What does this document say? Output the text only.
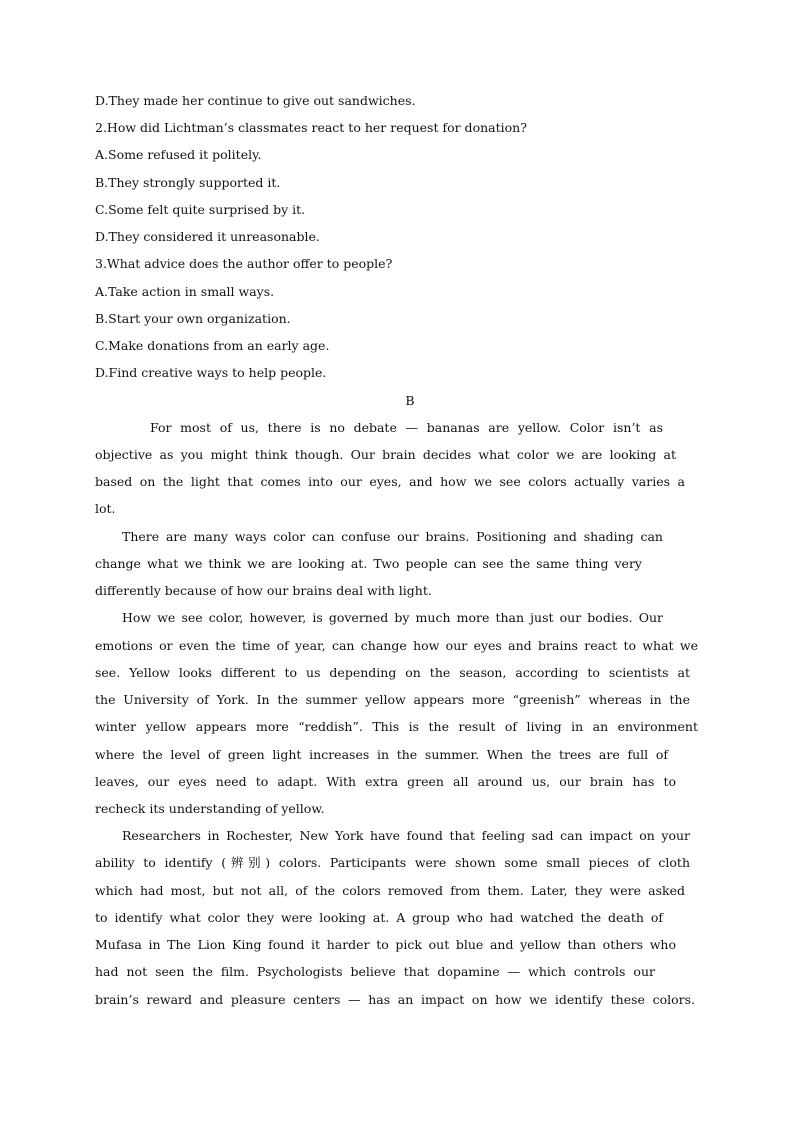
D.They made her continue to give out sandwiches.
2.How did Lichtman’s classmates react to her request for donation?
A.Some refused it politely.
B.They strongly supported it.
C.Some felt quite surprised by it.
D.They considered it unreasonable.
3.What advice does the author offer to people?
A.Take action in small ways.
B.Start your own organization.
C.Make donations from an early age.
D.Find creative ways to help people.
B
For most of us, there is no debate — bananas are yellow. Color isn’t as
objective as you might think though. Our brain decides what color we are looking at
based on the light that comes into our eyes, and how we see colors actually varies a
lot.
There are many ways color can confuse our brains. Positioning and shading can
change what we think we are looking at. Two people can see the same thing very
differently because of how our brains deal with light.
How we see color, however, is governed by much more than just our bodies. Our
emotions or even the time of year, can change how our eyes and brains react to what we
see. Yellow looks different to us depending on the season, according to scientists at
the University of York. In the summer yellow appears more “greenish” whereas in the
winter yellow appears more “reddish”. This is the result of living in an environment
where the level of green light increases in the summer. When the trees are full of
leaves, our eyes need to adapt. With extra green all around us, our brain has to
recheck its understanding of yellow.
Researchers in Rochester, New York have found that feeling sad can impact on your
ability to identify (辨别) colors. Participants were shown some small pieces of cloth
which had most, but not all, of the colors removed from them. Later, they were asked
to identify what color they were looking at. A group who had watched the death of
Mufasa in The Lion King found it harder to pick out blue and yellow than others who
had not seen the film. Psychologists believe that dopamine — which controls our
brain’s reward and pleasure centers — has an impact on how we identify these colors.
